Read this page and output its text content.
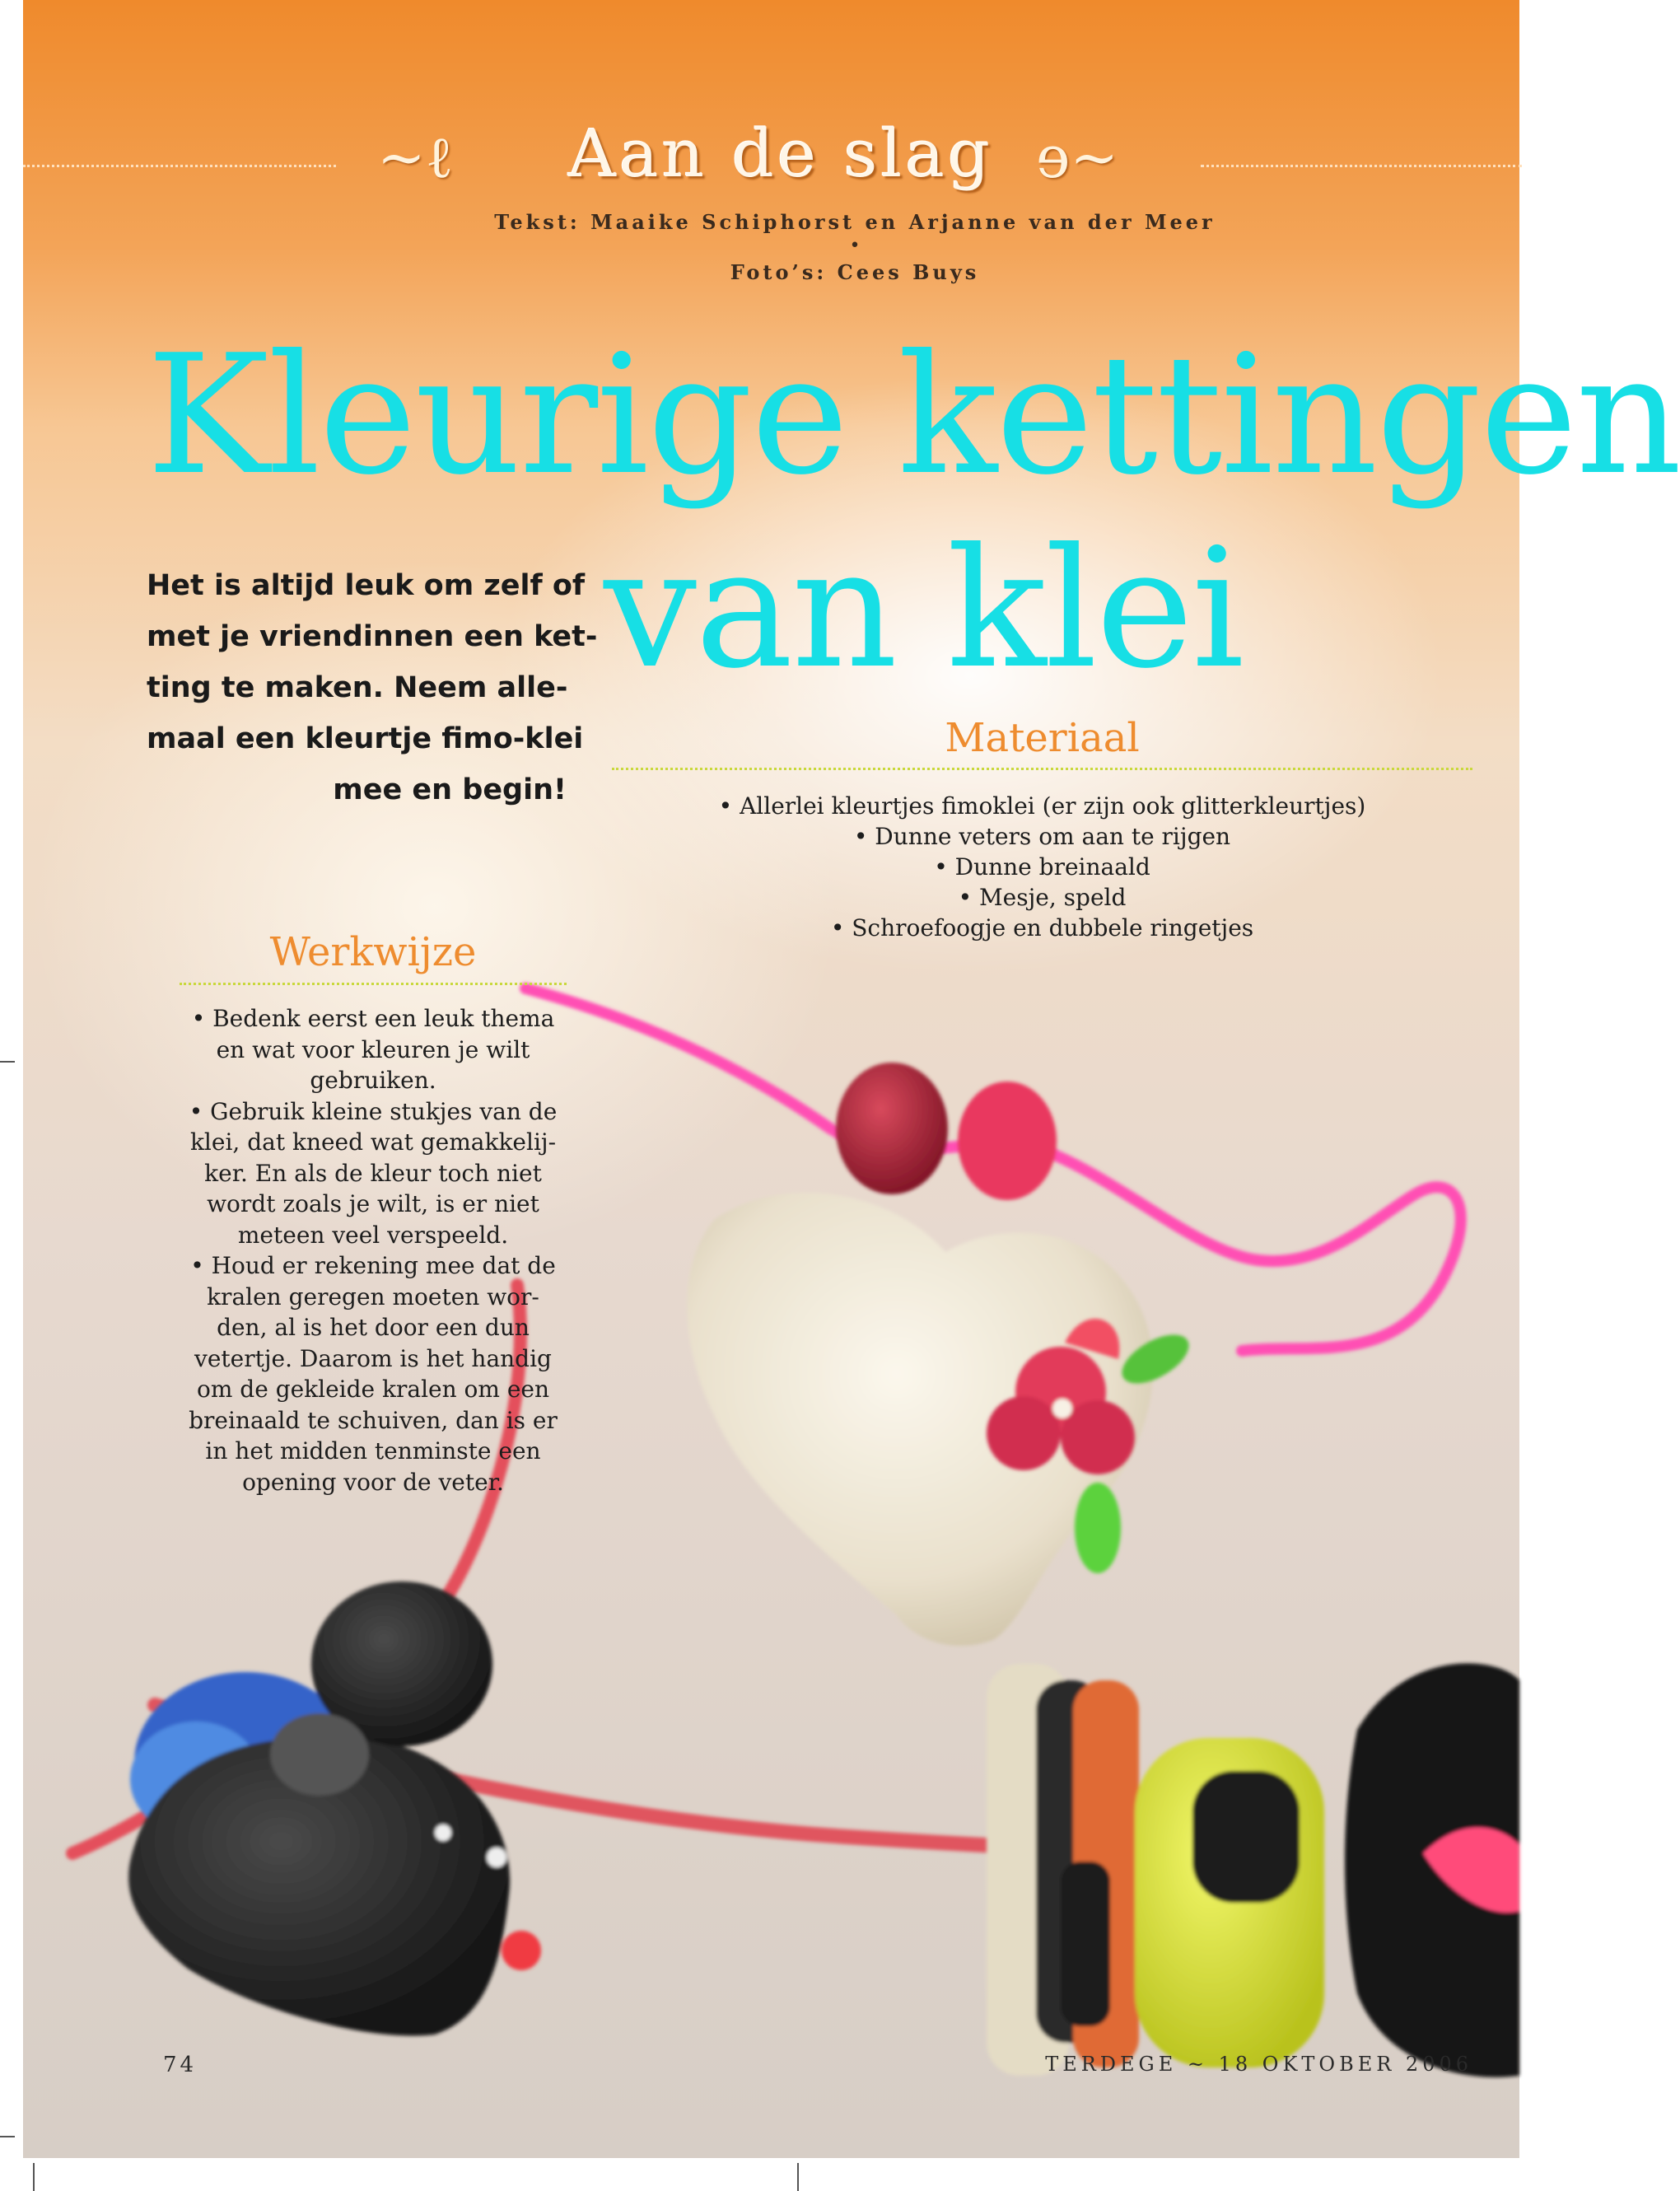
~ℓ	ɘ~
Aan de slag
Tekst: Maaike Schiphorst en Arjanne van der Meer
•
Foto’s: Cees Buys
Kleurige kettingen
van klei
Het is altijd leuk om zelf of
met je vriendinnen een ket-
ting te maken. Neem alle-
maal een kleurtje fimo-klei
mee en begin!
Materiaal
• Allerlei kleurtjes fimoklei (er zijn ook glitterkleurtjes)
• Dunne veters om aan te rijgen
• Dunne breinaald
• Mesje, speld
• Schroefoogje en dubbele ringetjes
Werkwijze
• Bedenk eerst een leuk thema
en wat voor kleuren je wilt
gebruiken.
• Gebruik kleine stukjes van de
klei, dat kneed wat gemakkelij-
ker. En als de kleur toch niet
wordt zoals je wilt, is er niet
meteen veel verspeeld.
• Houd er rekening mee dat de
kralen geregen moeten wor-
den, al is het door een dun
vetertje. Daarom is het handig
om de gekleide kralen om een
breinaald te schuiven, dan is er
in het midden tenminste een
opening voor de veter.
74	TERDEGE ~ 18 OKTOBER 2006
